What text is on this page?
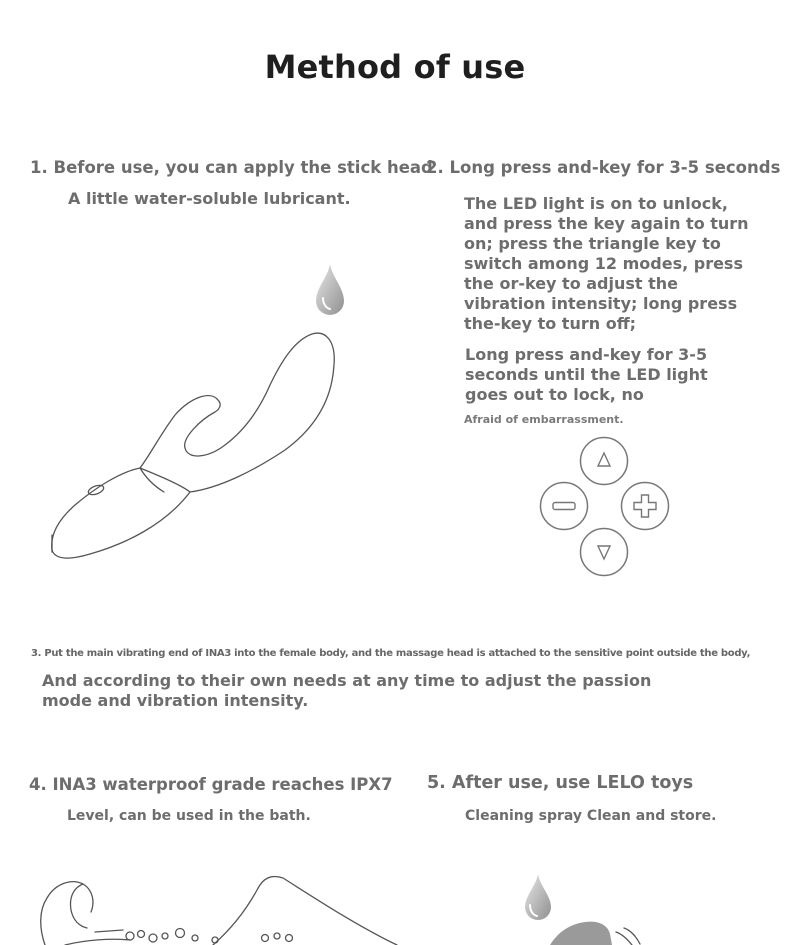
Method of use
1. Before use, you can apply the stick head
A little water-soluble lubricant.
2. Long press and-key for 3-5 seconds
The LED light is on to unlock, and press the key again to turn on; press the triangle key to switch among 12 modes, press the or-key to adjust the vibration intensity; long press the-key to turn off;
Long press and-key for 3-5 seconds until the LED light goes out to lock, no
Afraid of embarrassment.
3. Put the main vibrating end of INA3 into the female body, and the massage head is attached to the sensitive point outside the body,
And according to their own needs at any time to adjust the passion mode and vibration intensity.
4. INA3 waterproof grade reaches IPX7
Level, can be used in the bath.
5. After use, use LELO toys
Cleaning spray Clean and store.
